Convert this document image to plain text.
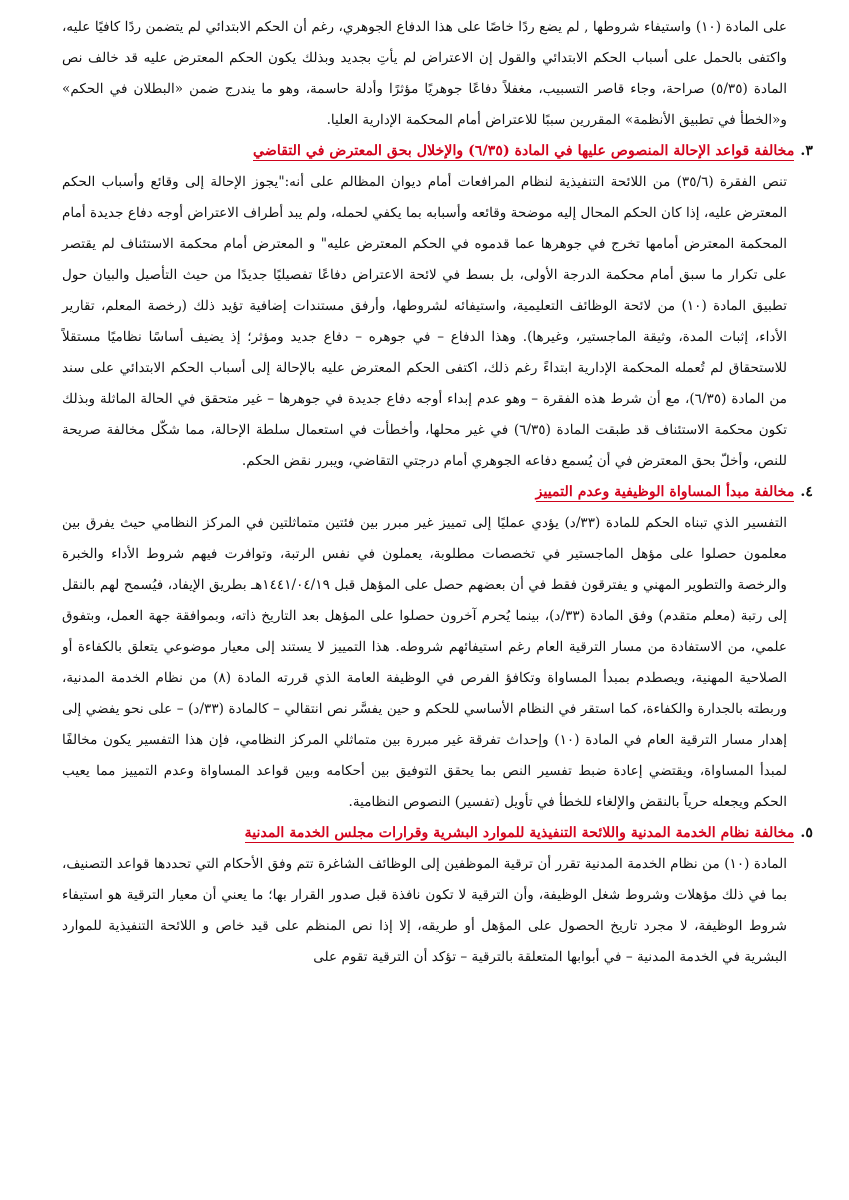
على المادة (١٠) واستيفاء شروطها , لم يضع ردًا خاصًا على هذا الدفاع الجوهري، رغم أن الحكم الابتدائي لم يتضمن ردًا كافيًا عليه، واكتفى بالحمل على أسباب الحكم الابتدائي والقول إن الاعتراض لم يأتِ بجديد وبذلك يكون الحكم المعترض عليه قد خالف نص المادة (٥/٣٥) صراحة، وجاء قاصر التسبيب، مغفلاً دفاعًا جوهريًا مؤثرًا وأدلة حاسمة، وهو ما يندرج ضمن «البطلان في الحكم» و«الخطأ في تطبيق الأنظمة» المقررين سببًا للاعتراض أمام المحكمة الإدارية العليا.

٣.مخالفة قواعد الإحالة المنصوص عليها في المادة (٦/٣٥) والإخلال بحق المعترض في التقاضي

تنص الفقرة (٣٥/٦) من اللائحة التنفيذية لنظام المرافعات أمام ديوان المظالم على أنه:"يجوز الإحالة إلى وقائع وأسباب الحكم المعترض عليه، إذا كان الحكم المحال إليه موضحة وقائعه وأسبابه بما يكفي لحمله، ولم يبد أطراف الاعتراض أوجه دفاع جديدة أمام المحكمة المعترض أمامها تخرج في جوهرها عما قدموه في الحكم المعترض عليه" و المعترض أمام محكمة الاستئناف لم يقتصر على تكرار ما سبق أمام محكمة الدرجة الأولى، بل بسط في لائحة الاعتراض دفاعًا تفصيليًا جديدًا من حيث التأصيل والبيان حول تطبيق المادة (١٠) من لائحة الوظائف التعليمية، واستيفائه لشروطها، وأرفق مستندات إضافية تؤيد ذلك (رخصة المعلم، تقارير الأداء، إثبات المدة، وثيقة الماجستير، وغيرها). وهذا الدفاع – في جوهره – دفاع جديد ومؤثر؛ إذ يضيف أساسًا نظاميًا مستقلاً للاستحقاق لم تُعمله المحكمة الإدارية ابتداءً رغم ذلك، اكتفى الحكم المعترض عليه بالإحالة إلى أسباب الحكم الابتدائي على سند من المادة (٦/٣٥)، مع أن شرط هذه الفقرة – وهو عدم إبداء أوجه دفاع جديدة في جوهرها – غير متحقق في الحالة الماثلة وبذلك تكون محكمة الاستئناف قد طبقت المادة (٦/٣٥) في غير محلها، وأخطأت في استعمال سلطة الإحالة، مما شكّل مخالفة صريحة للنص، وأخلّ بحق المعترض في أن يُسمع دفاعه الجوهري أمام درجتي التقاضي، ويبرر نقض الحكم.

٤.مخالفة مبدأ المساواة الوظيفية وعدم التمييز

التفسير الذي تبناه الحكم للمادة (٣٣/د) يؤدي عمليًا إلى تمييز غير مبرر بين فئتين متماثلتين في المركز النظامي حيث يفرق بين معلمون حصلوا على مؤهل الماجستير في تخصصات مطلوبة، يعملون في نفس الرتبة، وتوافرت فيهم شروط الأداء والخبرة والرخصة والتطوير المهني و يفترقون فقط في أن بعضهم حصل على المؤهل قبل ١٤٤١/٠٤/١٩هـ بطريق الإيفاد، فيُسمح لهم بالنقل إلى رتبة (معلم متقدم) وفق المادة (٣٣/د)، بينما يُحرم آخرون حصلوا على المؤهل بعد التاريخ ذاته، وبموافقة جهة العمل، وبتفوق علمي، من الاستفادة من مسار الترقية العام رغم استيفائهم شروطه. هذا التمييز لا يستند إلى معيار موضوعي يتعلق بالكفاءة أو الصلاحية المهنية، ويصطدم بمبدأ المساواة وتكافؤ الفرص في الوظيفة العامة الذي قررته المادة (٨) من نظام الخدمة المدنية، وربطته بالجدارة والكفاءة، كما استقر في النظام الأساسي للحكم و حين يفسَّر نص انتقالي – كالمادة (٣٣/د) – على نحو يفضي إلى إهدار مسار الترقية العام في المادة (١٠) وإحداث تفرقة غير مبررة بين متماثلي المركز النظامي، فإن هذا التفسير يكون مخالفًا لمبدأ المساواة، ويقتضي إعادة ضبط تفسير النص بما يحقق التوفيق بين أحكامه وبين قواعد المساواة وعدم التمييز مما يعيب الحكم ويجعله حرياً بالنقض والإلغاء للخطأ في تأويل (تفسير) النصوص النظامية.

٥.مخالفة نظام الخدمة المدنية واللائحة التنفيذية للموارد البشرية وقرارات مجلس الخدمة المدنية

المادة (١٠) من نظام الخدمة المدنية تقرر أن ترقية الموظفين إلى الوظائف الشاغرة تتم وفق الأحكام التي تحددها قواعد التصنيف، بما في ذلك مؤهلات وشروط شغل الوظيفة، وأن الترقية لا تكون نافذة قبل صدور القرار بها؛ ما يعني أن معيار الترقية هو استيفاء شروط الوظيفة، لا مجرد تاريخ الحصول على المؤهل أو طريقه، إلا إذا نص المنظم على قيد خاص و اللائحة التنفيذية للموارد البشرية في الخدمة المدنية – في أبوابها المتعلقة بالترقية – تؤكد أن الترقية تقوم على
